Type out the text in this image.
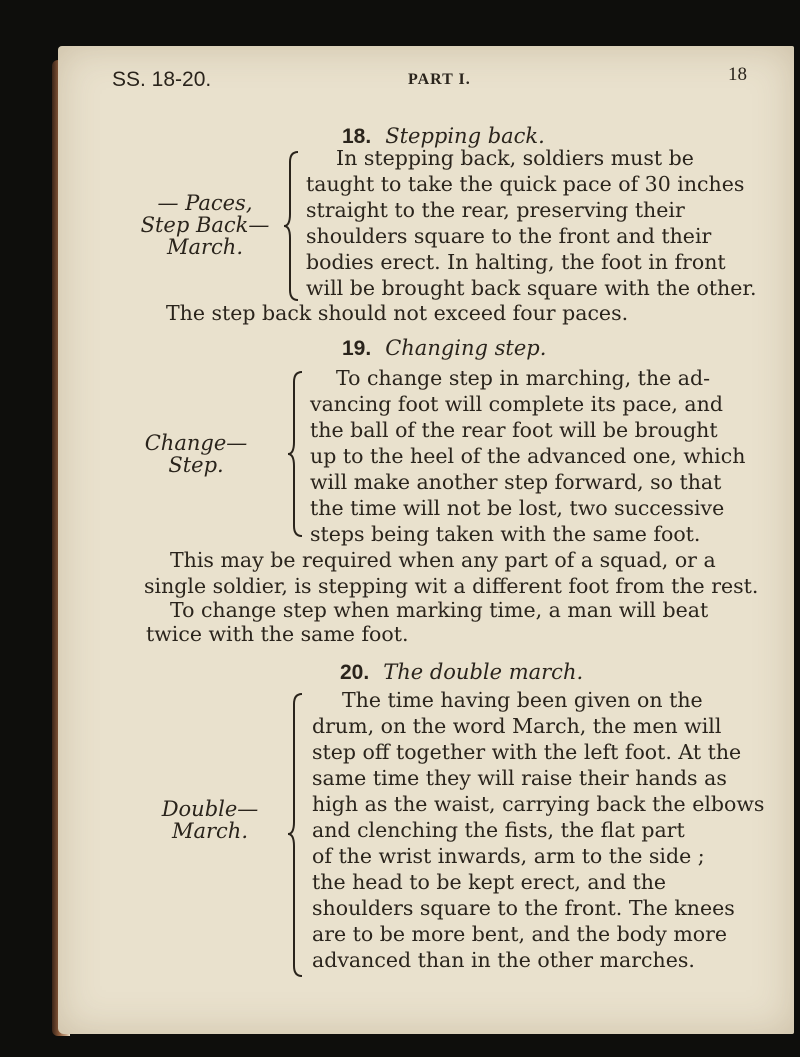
SS. 18-20.	PART I.	18
18. Stepping back.
— Paces,
Step Back—
March.
In stepping back, soldiers must be
taught to take the quick pace of 30 inches
straight to the rear, preserving their
shoulders square to the front and their
bodies erect. In halting, the foot in front
will be brought back square with the other.
The step back should not exceed four paces.
19. Changing step.
Change—
Step.
To change step in marching, the ad-
vancing foot will complete its pace, and
the ball of the rear foot will be brought
up to the heel of the advanced one, which
will make another step forward, so that
the time will not be lost, two successive
steps being taken with the same foot.
This may be required when any part of a squad, or a
single soldier, is stepping wit a different foot from the rest.
To change step when marking time, a man will beat
twice with the same foot.
20. The double march.
Double—
March.
The time having been given on the
drum, on the word March, the men will
step off together with the left foot. At the
same time they will raise their hands as
high as the waist, carrying back the elbows
and clenching the fists, the flat part
of the wrist inwards, arm to the side ;
the head to be kept erect, and the
shoulders square to the front. The knees
are to be more bent, and the body more
advanced than in the other marches.
